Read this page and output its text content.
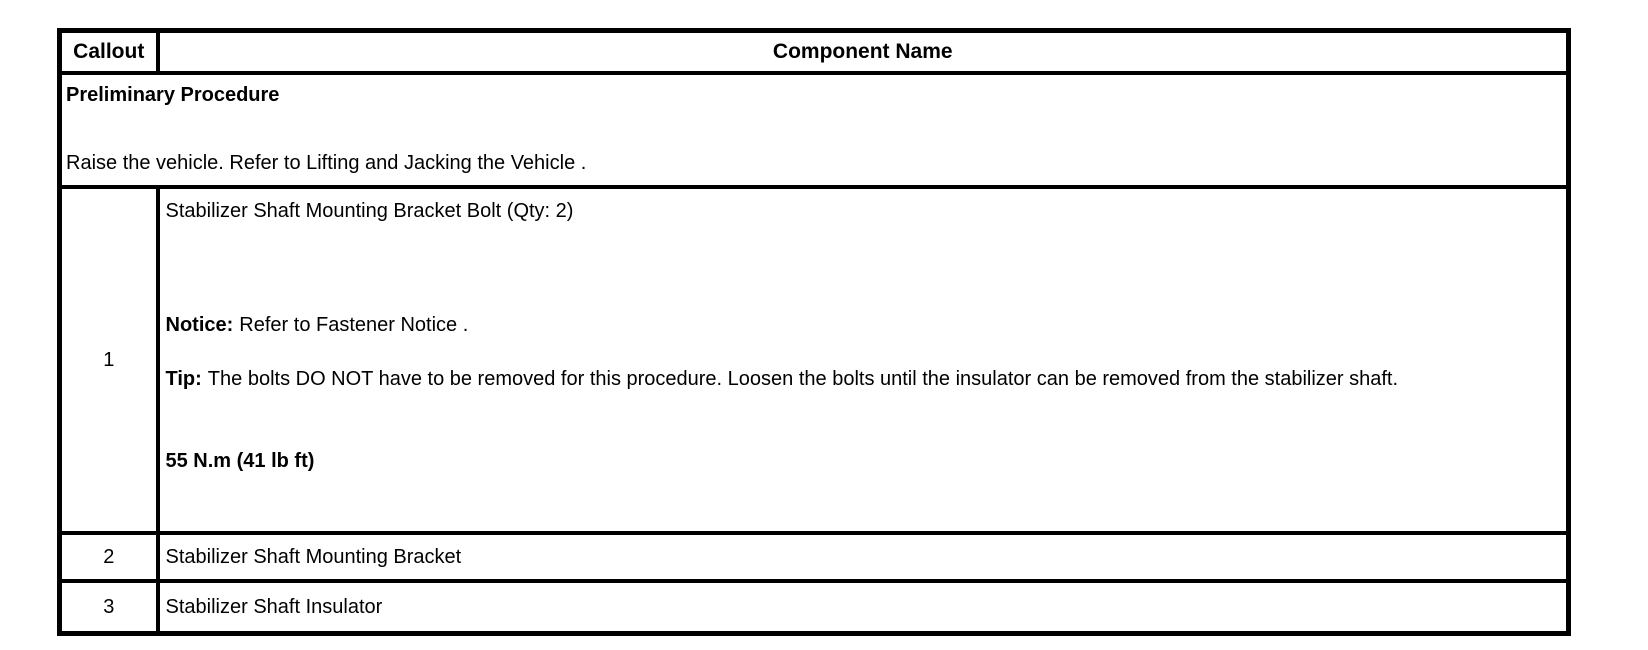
Callout	Component Name

Preliminary Procedure

Raise the vehicle. Refer to Lifting and Jacking the Vehicle .	

1	Stabilizer Shaft Mounting Bracket Bolt (Qty: 2)

Notice: Refer to Fastener Notice .

Tip: The bolts DO NOT have to be removed for this procedure. Loosen the bolts until the insulator can be removed from the stabilizer shaft.

55 N.m (41 lb ft)

2	Stabilizer Shaft Mounting Bracket
3	Stabilizer Shaft Insulator
